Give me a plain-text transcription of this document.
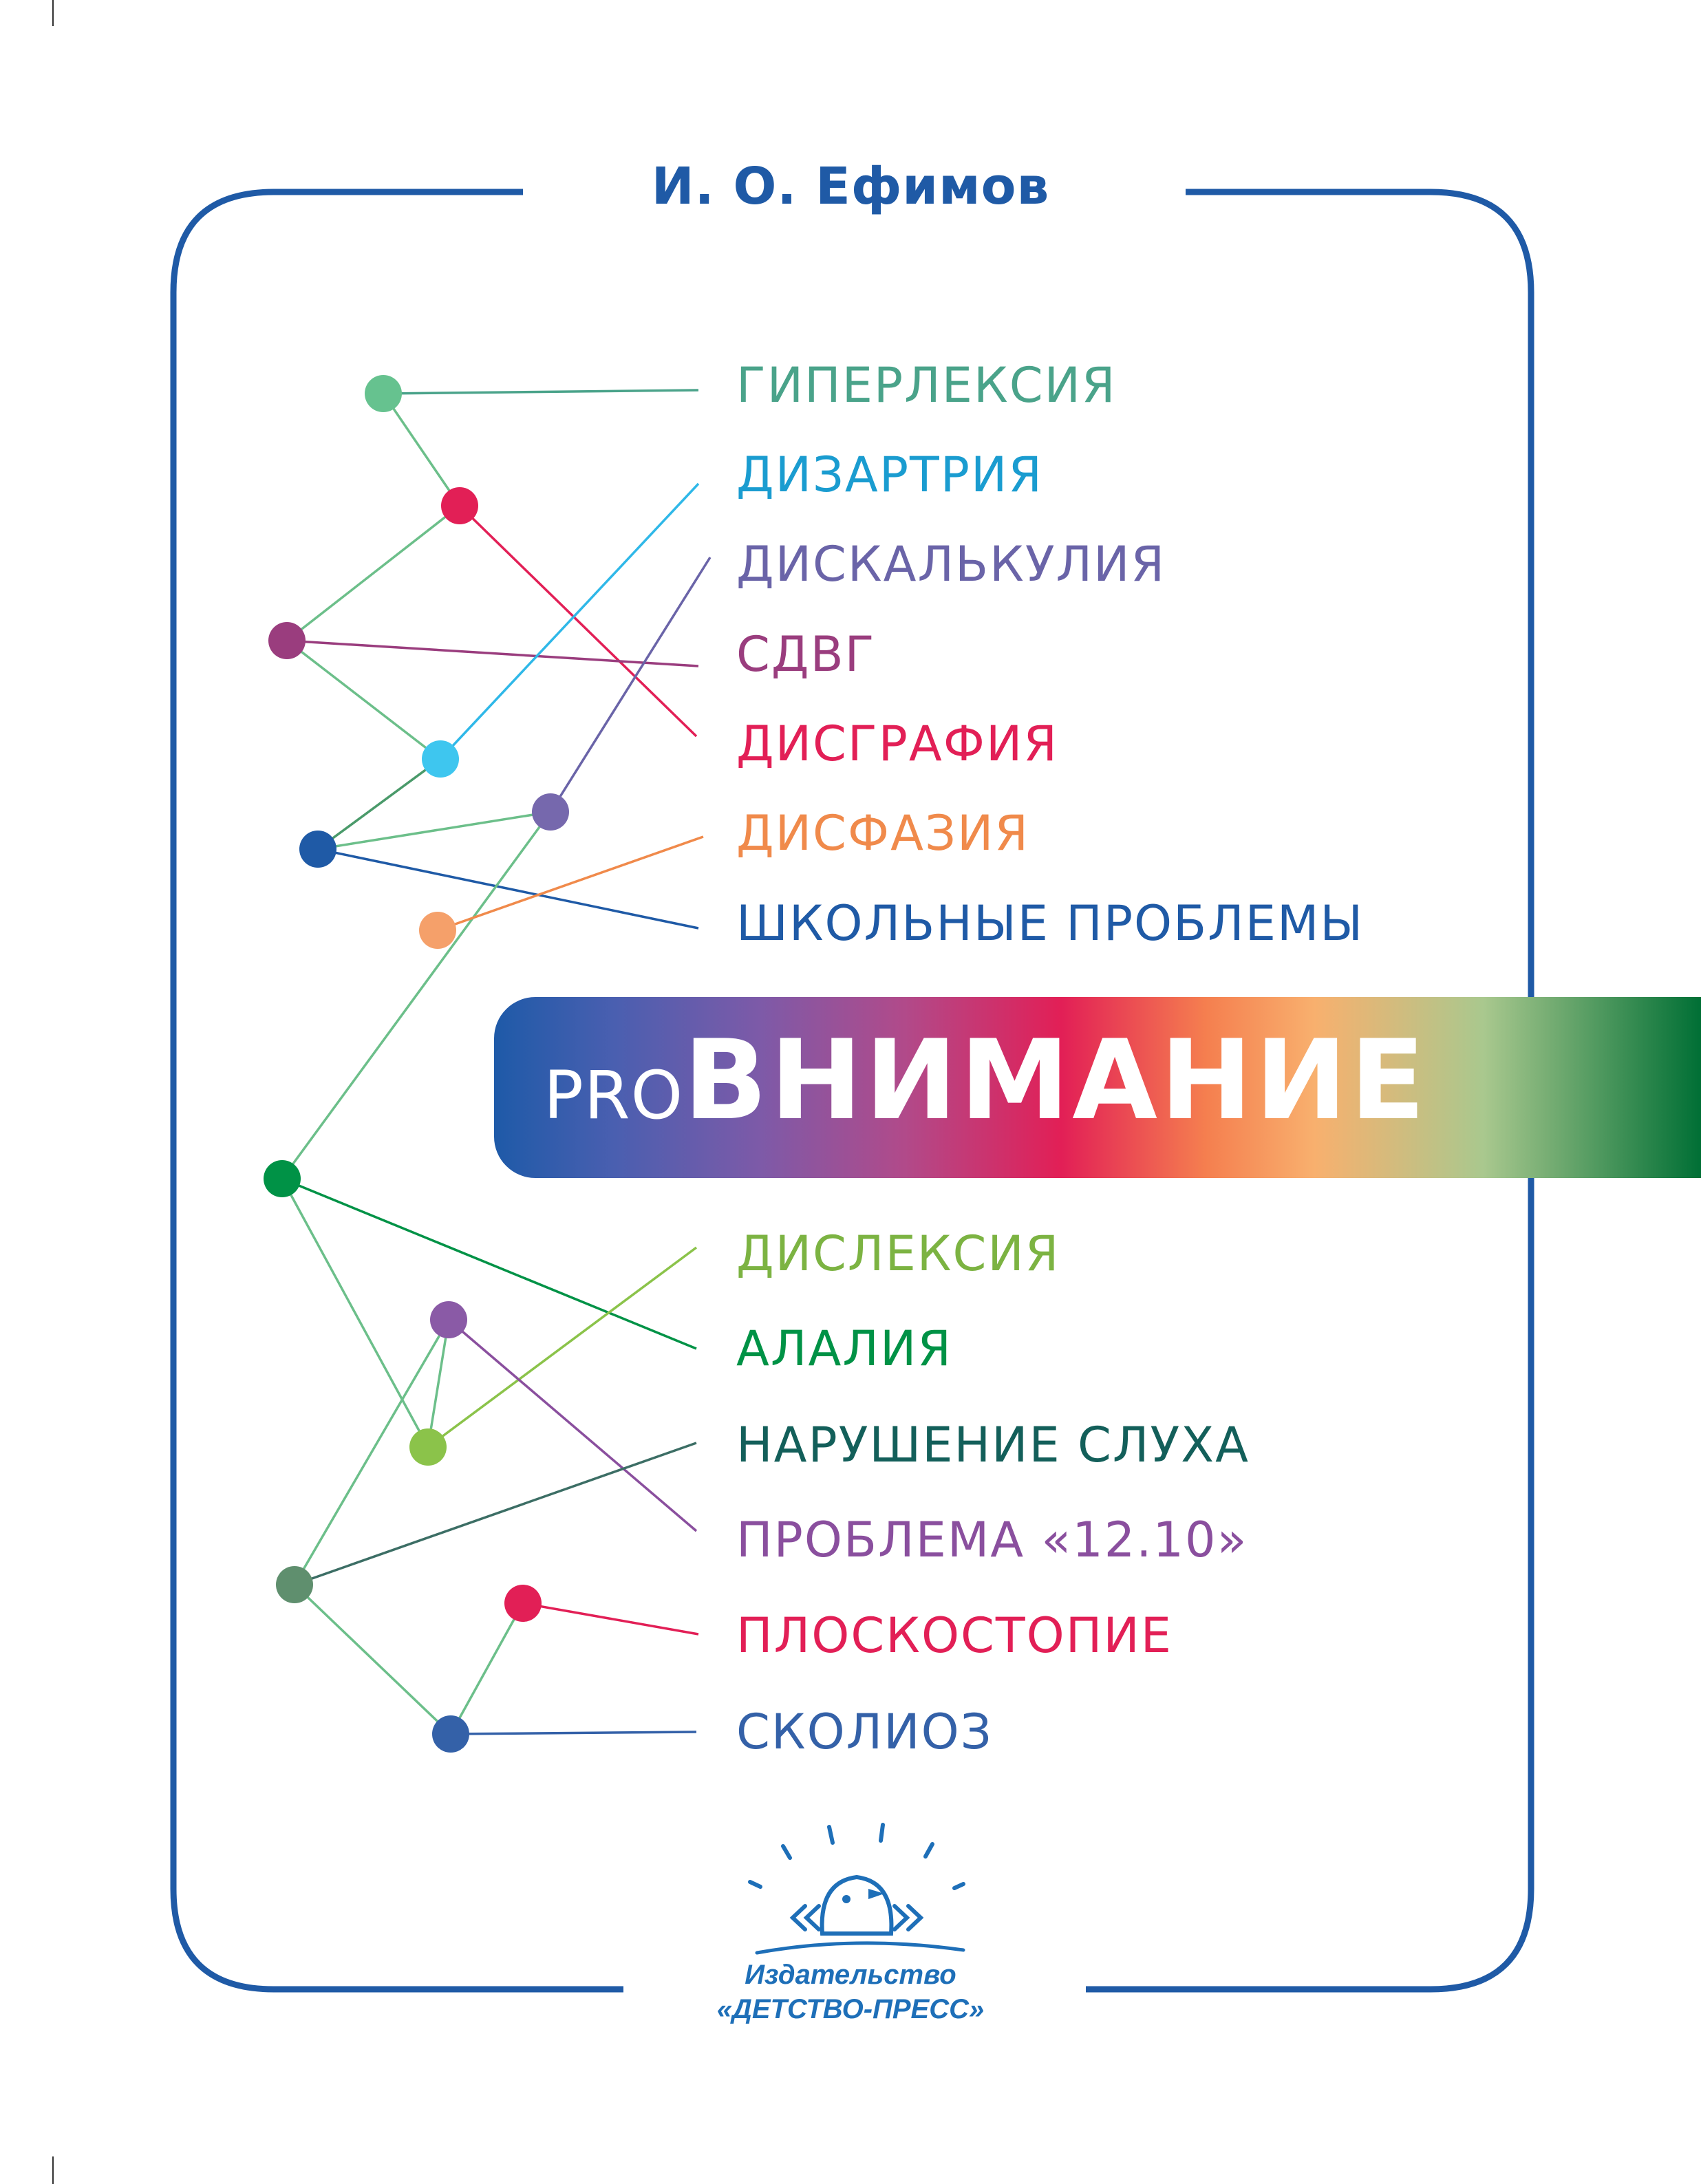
И. О. Ефимов
ГИПЕРЛЕКСИЯ
ДИЗАРТРИЯ
ДИСКАЛЬКУЛИЯ
СДВГ
ДИСГРАФИЯ
ДИСФАЗИЯ
ШКОЛЬНЫЕ ПРОБЛЕМЫ
PROВНИМАНИЕ
ДИСЛЕКСИЯ
АЛАЛИЯ
НАРУШЕНИЕ СЛУХА
ПРОБЛЕМА «12.10»
ПЛОСКОСТОПИЕ
СКОЛИОЗ
Издательство
«ДЕТСТВО-ПРЕСС»
